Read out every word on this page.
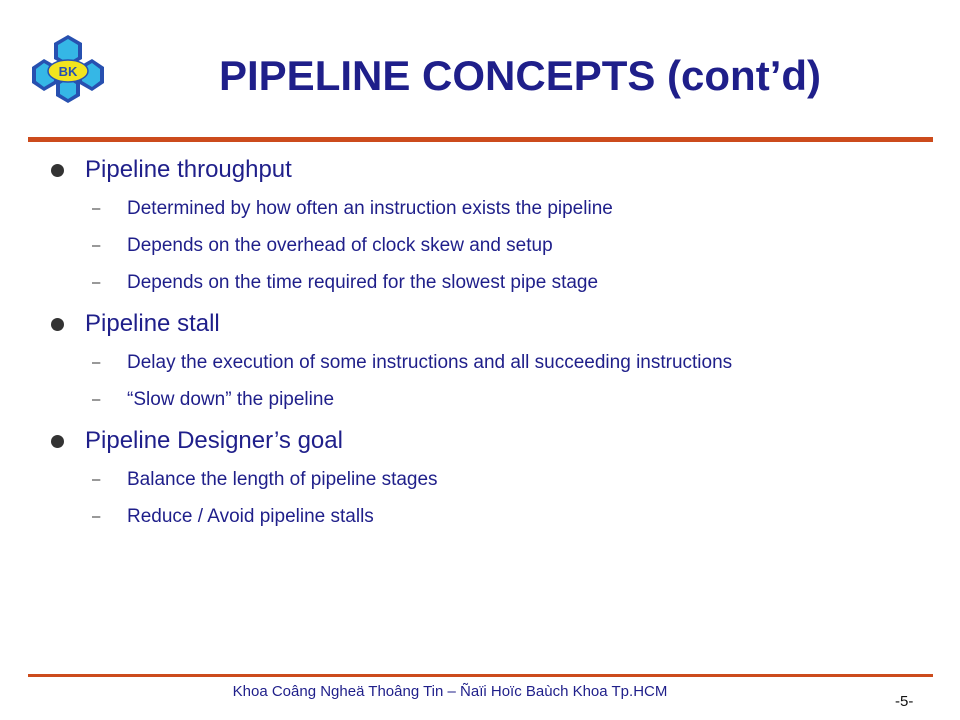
BK	PIPELINE CONCEPTS (cont’d)
Pipeline throughput
– Determined by how often an instruction exists the pipeline
– Depends on the overhead of clock skew and setup
– Depends on the time required for the slowest pipe stage
Pipeline stall
– Delay the execution of some instructions and all succeeding instructions
– “Slow down” the pipeline
Pipeline Designer’s goal
– Balance the length of pipeline stages
– Reduce / Avoid pipeline stalls
Khoa Coâng Ngheä Thoâng Tin – Ñaïi Hoïc Baùch Khoa Tp.HCM
-5-
